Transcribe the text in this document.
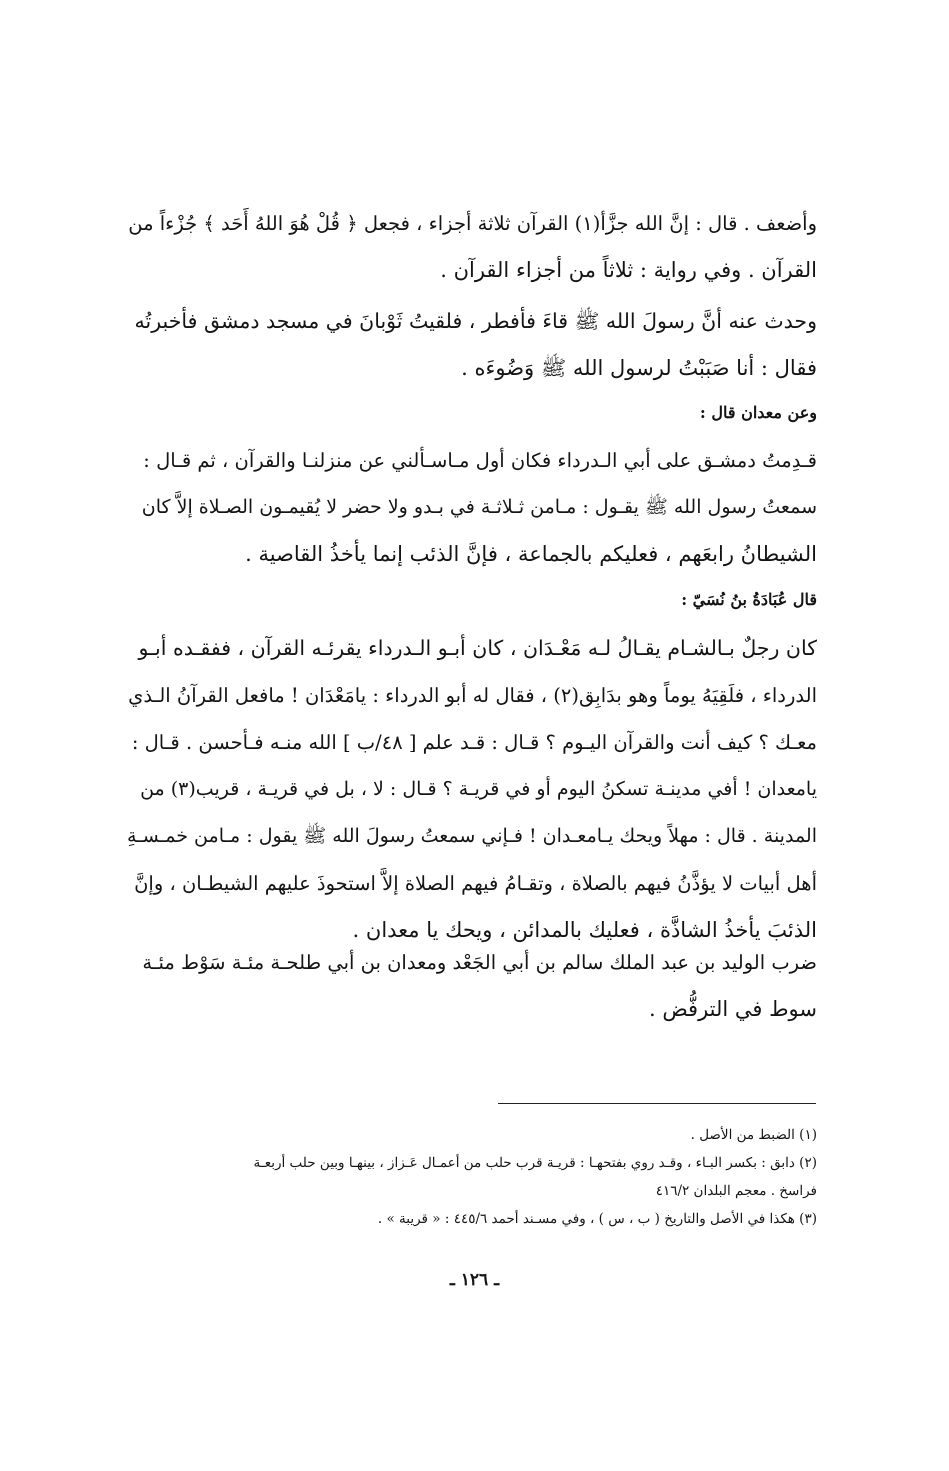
وأضعف . قال : إنَّ الله جزَّأ(١) القرآن ثلاثة أجزاء ، فجعل ﴿ قُلْ هُوَ اللهُ أَحَد ﴾ جُزْءاً من
القرآن . وفي رواية : ثلاثاً من أجزاء القرآن .
وحدث عنه أنَّ رسولَ الله ﷺ قاءَ فأفطر ، فلقيتُ ثَوْبانَ في مسجد دمشق فأخبرتُه
فقال : أنا صَبَبْتُ لرسول الله ﷺ وَضُوءَه .

وعن معدان قال :

قـدِمتُ دمشـق على أبي الـدرداء فكان أول مـاسـألني عن منزلنـا والقرآن ، ثم قـال :
سمعتُ رسول الله ﷺ يقـول : مـامن ثـلاثـة في بـدو ولا حضر لا يُقيمـون الصـلاة إلاَّ كان
الشيطانُ رابعَهم ، فعليكم بالجماعة ، فإنَّ الذئب إنما يأخذُ القاصية .

قال عُبَادَةُ بنُ نُسَيّ :

كان رجلٌ بـالشـام يقـالُ لـه مَعْـدَان ، كان أبـو الـدرداء يقرئـه القرآن ، ففقـده أبـو
الدرداء ، فلَقِيَهُ يوماً وهو بدَابِق(٢) ، فقال له أبو الدرداء : يامَعْدَان ! مافعل القرآنُ الـذي
معـك ؟ كيف أنت والقرآن اليـوم ؟ قـال : قـد علم [ ٤٨/ب ] الله منـه فـأحسن . قـال :
يامعدان ! أفي مدينـة تسكنُ اليوم أو في قريـة ؟ قـال : لا ، بل في قريـة ، قريب(٣) من
المدينة . قال : مهلاً ويحك يـامعـدان ! فـإني سمعتُ رسولَ الله ﷺ يقول : مـامن خمـسـةِ
أهل أبيات لا يؤذَّنُ فيهم بالصلاة ، وتقـامُ فيهم الصلاة إلاَّ استحوذَ عليهم الشيطـان ، وإنَّ
الذئبَ يأخذُ الشاذَّة ، فعليك بالمدائن ، ويحك يا معدان .
ضرب الوليد بن عبد الملك سالم بن أبي الجَعْد ومعدان بن أبي طلحـة مئـة سَوْط مئـة
سوط في الترفُّض .
(١) الضبط من الأصل .
(٢) دابق : بكسر البـاء ، وقـد روي بفتحهـا : قريـة قرب حلب من أعمـال عَـزاز ، بينهـا وبين حلب أربعـة
فراسخ . معجم البلدان ٤١٦/٢
(٣) هكذا في الأصل والتاريخ ( ب ، س ) ، وفي مسـند أحمد ٤٤٥/٦ : « قريبة » .
ـ ١٢٦ ـ
